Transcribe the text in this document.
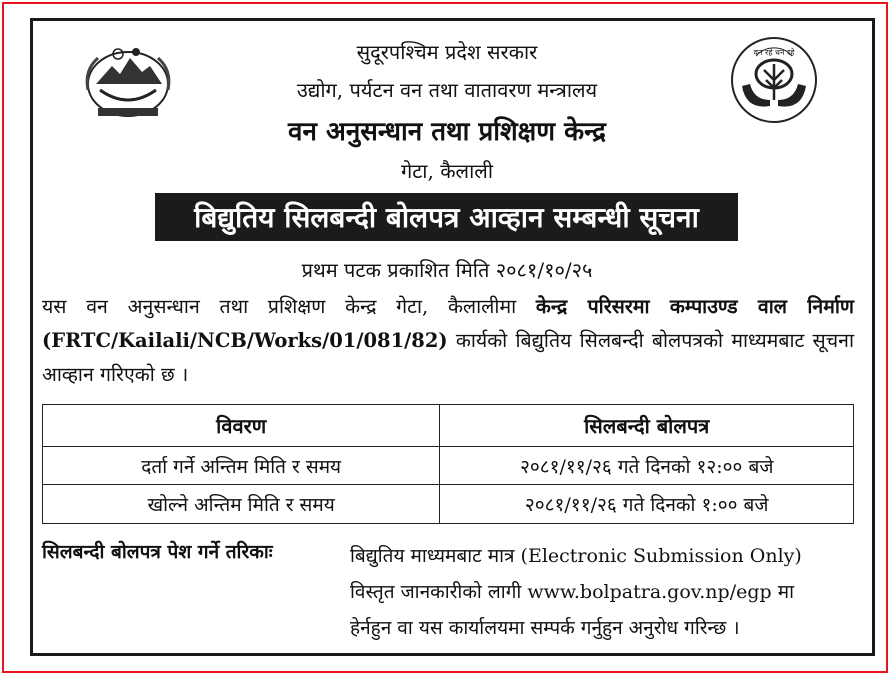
वन रहे धन रहे
सुदूरपश्चिम प्रदेश सरकार
उद्योग, पर्यटन वन तथा वातावरण मन्त्रालय
वन अनुसन्धान तथा प्रशिक्षण केन्द्र
गेटा, कैलाली
बिद्युतिय सिलबन्दी बोलपत्र आव्हान सम्बन्धी सूचना
प्रथम पटक प्रकाशित मिति २०८१/१०/२५
यस वन अनुसन्धान तथा प्रशिक्षण केन्द्र गेटा, कैलालीमा केन्द्र परिसरमा कम्पाउण्ड वाल निर्माण (FRTC/Kailali/NCB/Works/01/081/82) कार्यको बिद्युतिय सिलबन्दी बोलपत्रको माध्यमबाट सूचना आव्हान गरिएको छ ।
विवरण	सिलबन्दी बोलपत्र
दर्ता गर्ने अन्तिम मिति र समय	२०८१/११/२६ गते दिनको १२:०० बजे
खोल्ने अन्तिम मिति र समय	२०८१/११/२६ गते दिनको १:०० बजे
सिलबन्दी बोलपत्र पेश गर्ने तरिकाः	बिद्युतिय माध्यमबाट मात्र (Electronic Submission Only)
विस्तृत जानकारीको लागी www.bolpatra.gov.np/egp मा
हेर्नहुन वा यस कार्यालयमा सम्पर्क गर्नुहुन अनुरोध गरिन्छ ।
